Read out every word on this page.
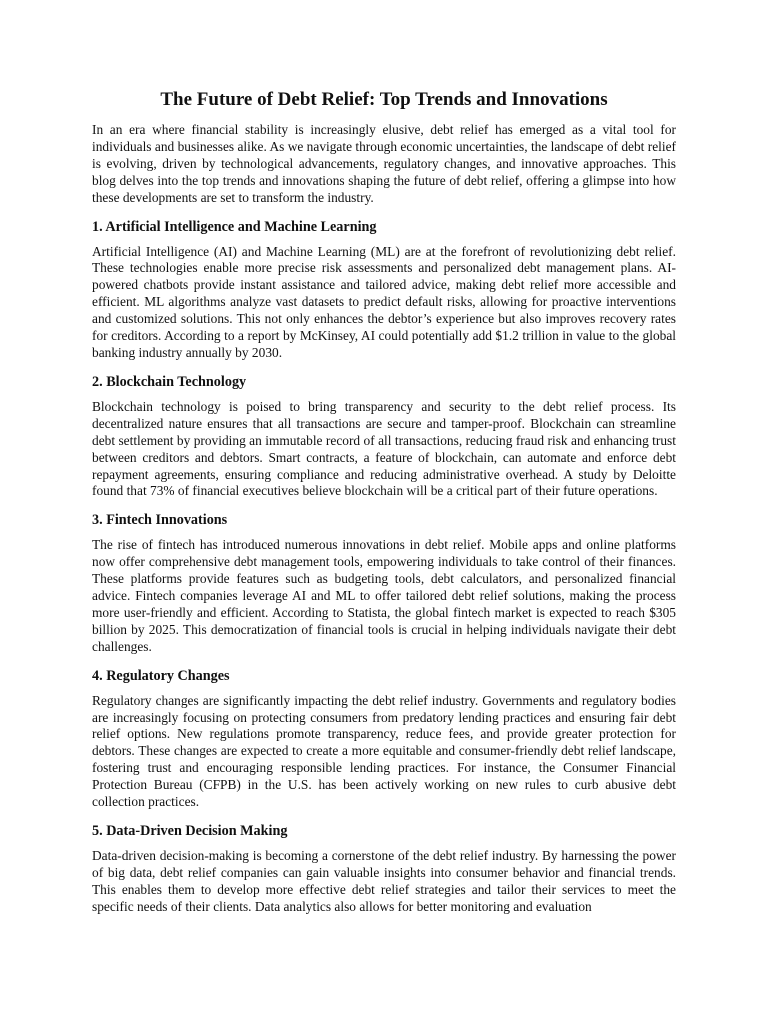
The Future of Debt Relief: Top Trends and Innovations

In an era where financial stability is increasingly elusive, debt relief has emerged as a vital tool for individuals and businesses alike. As we navigate through economic uncertainties, the landscape of debt relief is evolving, driven by technological advancements, regulatory changes, and innovative approaches. This blog delves into the top trends and innovations shaping the future of debt relief, offering a glimpse into how these developments are set to transform the industry.

1. Artificial Intelligence and Machine Learning

Artificial Intelligence (AI) and Machine Learning (ML) are at the forefront of revolutionizing debt relief. These technologies enable more precise risk assessments and personalized debt management plans. AI-powered chatbots provide instant assistance and tailored advice, making debt relief more accessible and efficient. ML algorithms analyze vast datasets to predict default risks, allowing for proactive interventions and customized solutions. This not only enhances the debtor’s experience but also improves recovery rates for creditors. According to a report by McKinsey, AI could potentially add $1.2 trillion in value to the global banking industry annually by 2030.

2. Blockchain Technology

Blockchain technology is poised to bring transparency and security to the debt relief process. Its decentralized nature ensures that all transactions are secure and tamper-proof. Blockchain can streamline debt settlement by providing an immutable record of all transactions, reducing fraud risk and enhancing trust between creditors and debtors. Smart contracts, a feature of blockchain, can automate and enforce debt repayment agreements, ensuring compliance and reducing administrative overhead. A study by Deloitte found that 73% of financial executives believe blockchain will be a critical part of their future operations.

3. Fintech Innovations

The rise of fintech has introduced numerous innovations in debt relief. Mobile apps and online platforms now offer comprehensive debt management tools, empowering individuals to take control of their finances. These platforms provide features such as budgeting tools, debt calculators, and personalized financial advice. Fintech companies leverage AI and ML to offer tailored debt relief solutions, making the process more user-friendly and efficient. According to Statista, the global fintech market is expected to reach $305 billion by 2025. This democratization of financial tools is crucial in helping individuals navigate their debt challenges.

4. Regulatory Changes

Regulatory changes are significantly impacting the debt relief industry. Governments and regulatory bodies are increasingly focusing on protecting consumers from predatory lending practices and ensuring fair debt relief options. New regulations promote transparency, reduce fees, and provide greater protection for debtors. These changes are expected to create a more equitable and consumer-friendly debt relief landscape, fostering trust and encouraging responsible lending practices. For instance, the Consumer Financial Protection Bureau (CFPB) in the U.S. has been actively working on new rules to curb abusive debt collection practices.

5. Data-Driven Decision Making

Data-driven decision-making is becoming a cornerstone of the debt relief industry. By harnessing the power of big data, debt relief companies can gain valuable insights into consumer behavior and financial trends. This enables them to develop more effective debt relief strategies and tailor their services to meet the specific needs of their clients. Data analytics also allows for better monitoring and evaluation
